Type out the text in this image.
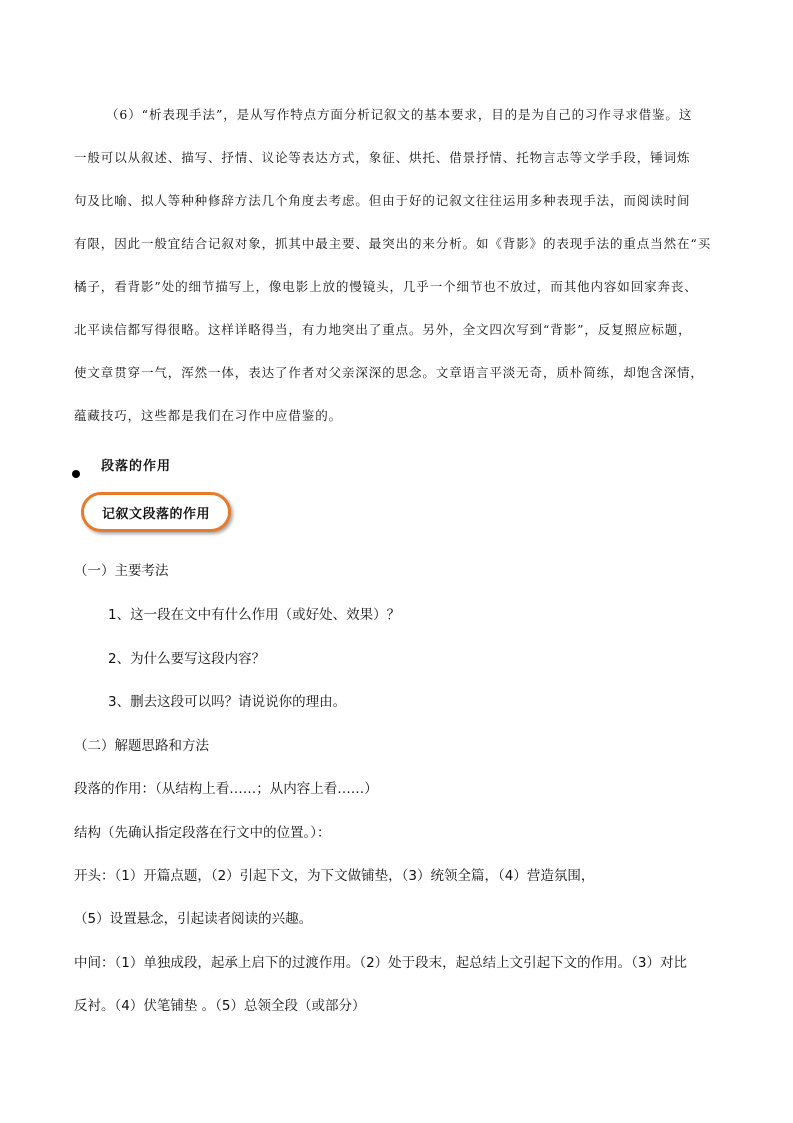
（6）“析表现手法”，是从写作特点方面分析记叙文的基本要求，目的是为自己的习作寻求借鉴。这
一般可以从叙述、描写、抒情、议论等表达方式，象征、烘托、借景抒情、托物言志等文学手段，锤词炼
句及比喻、拟人等种种修辞方法几个角度去考虑。但由于好的记叙文往往运用多种表现手法，而阅读时间
有限，因此一般宜结合记叙对象，抓其中最主要、最突出的来分析。如《背影》的表现手法的重点当然在“买
橘子，看背影”处的细节描写上，像电影上放的慢镜头，几乎一个细节也不放过，而其他内容如回家奔丧、
北平读信都写得很略。这样详略得当，有力地突出了重点。另外，全文四次写到“背影”，反复照应标题，
使文章贯穿一气，浑然一体，表达了作者对父亲深深的思念。文章语言平淡无奇，质朴简练，却饱含深情，
蕴藏技巧，这些都是我们在习作中应借鉴的。
段落的作用
记叙文段落的作用
（一）主要考法
1、这一段在文中有什么作用（或好处、效果）？
2、为什么要写这段内容？
3、删去这段可以吗？请说说你的理由。
（二）解题思路和方法
段落的作用：（从结构上看……；从内容上看……）
结构（先确认指定段落在行文中的位置。）：
开头：（1）开篇点题，（2）引起下文，为下文做铺垫，（3）统领全篇，（4）营造氛围，
（5）设置悬念，引起读者阅读的兴趣。
中间：（1）单独成段，起承上启下的过渡作用。（2）处于段末，起总结上文引起下文的作用。（3）对比
反衬。（4）伏笔铺垫 。（5）总领全段（或部分）
